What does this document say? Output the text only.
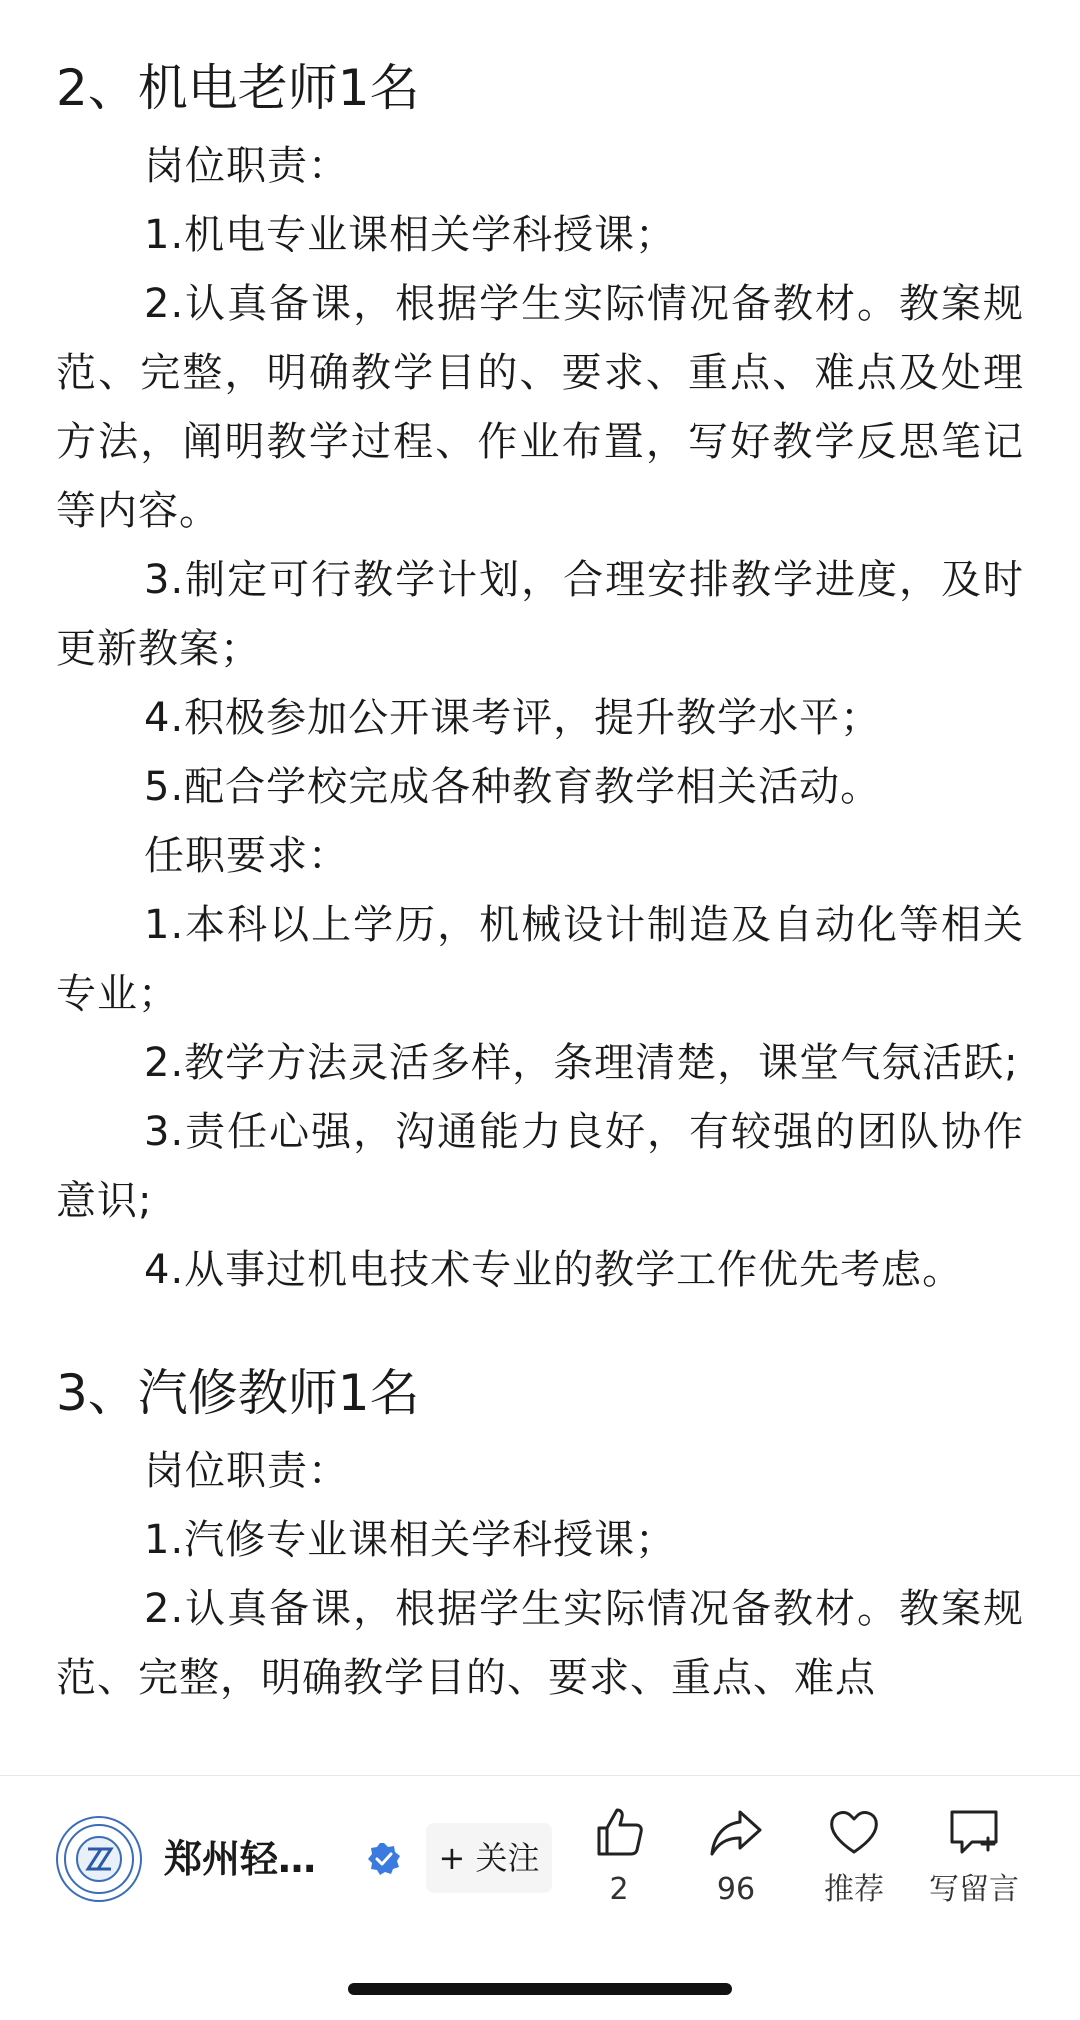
2、机电老师1名

岗位职责：

1.机电专业课相关学科授课；

2.认真备课，根据学生实际情况备教材。教案规范、完整，明确教学目的、要求、重点、难点及处理方法，阐明教学过程、作业布置，写好教学反思笔记等内容。

3.制定可行教学计划，合理安排教学进度，及时更新教案；

4.积极参加公开课考评，提升教学水平；

5.配合学校完成各种教育教学相关活动。

任职要求：

1.本科以上学历，机械设计制造及自动化等相关专业；

2.教学方法灵活多样，条理清楚，课堂气氛活跃;

3.责任心强，沟通能力良好，有较强的团队协作意识;

4.从事过机电技术专业的教学工作优先考虑。

3、汽修教师1名

岗位职责：

1.汽修专业课相关学科授课；

2.认真备课，根据学生实际情况备教材。教案规范、完整，明确教学目的、要求、重点、难点

郑州轻…	+ 关注
2	96	推荐	写留言
